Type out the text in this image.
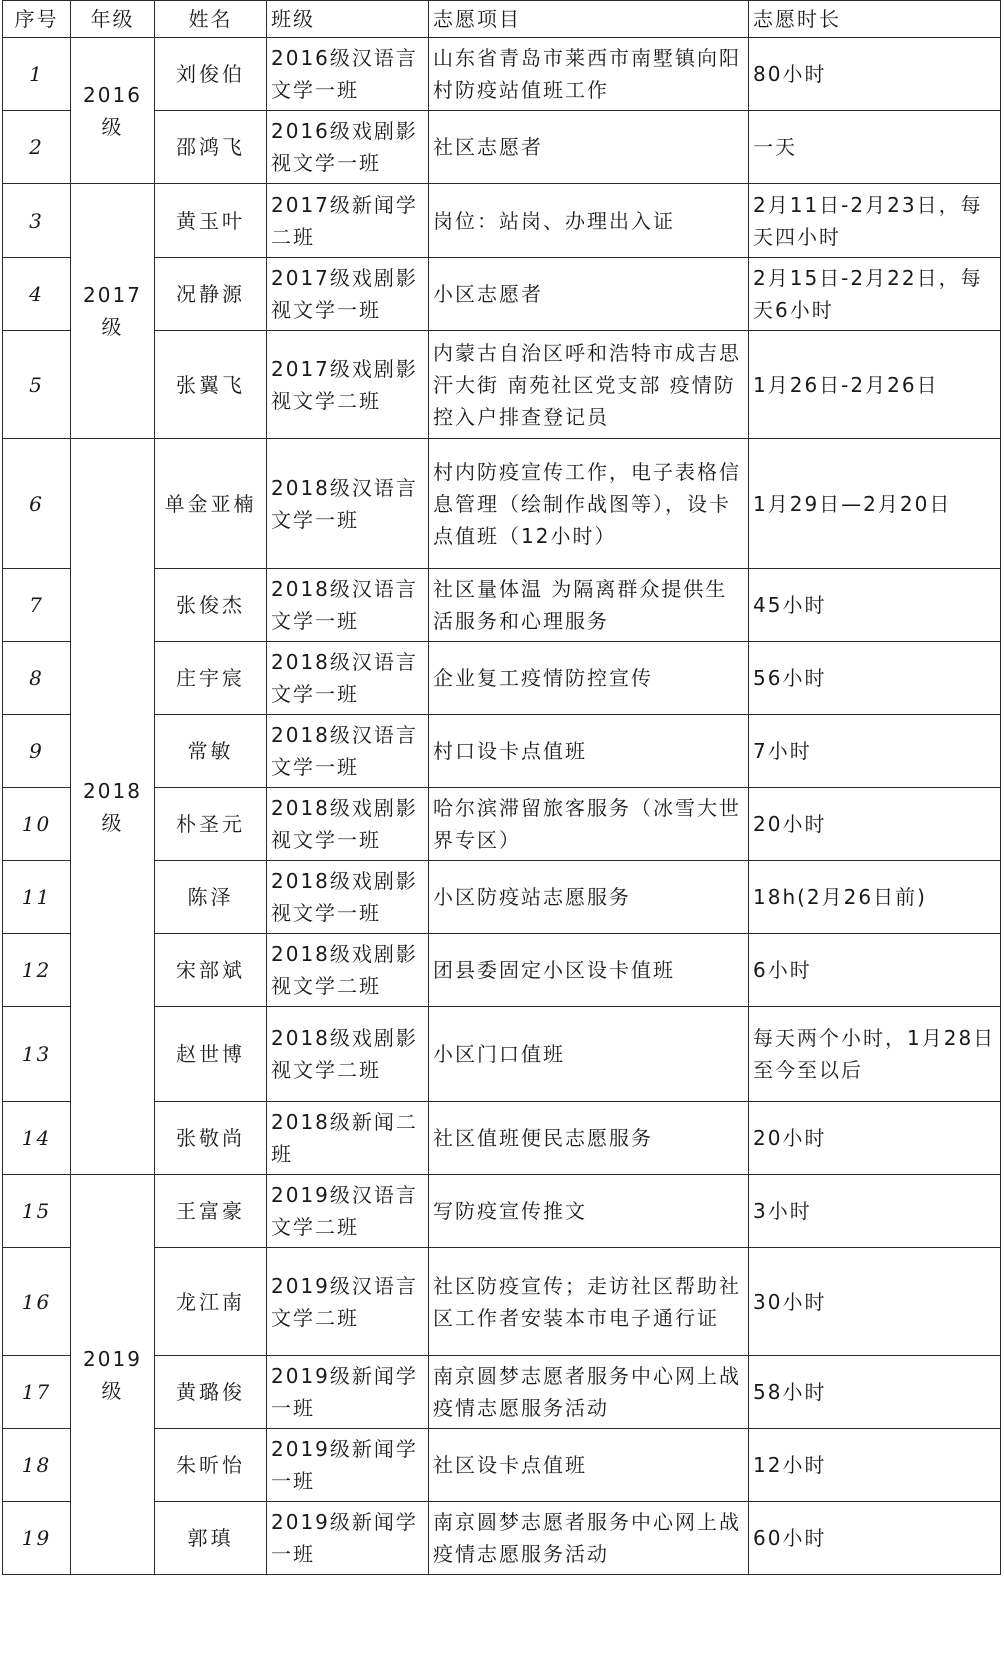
序号	年级	姓名	班级	志愿项目	志愿时长
1	2016级	刘俊伯	2016级汉语言文学一班	山东省青岛市莱西市南墅镇向阳村防疫站值班工作	80小时
2		邵鸿飞	2016级戏剧影视文学一班	社区志愿者	一天
3	2017级	黄玉叶	2017级新闻学二班	岗位：站岗、办理出入证	2月11日-2月23日，每天四小时
4		况静源	2017级戏剧影视文学一班	小区志愿者	2月15日-2月22日，每天6小时
5		张翼飞	2017级戏剧影视文学二班	内蒙古自治区呼和浩特市成吉思汗大街 南苑社区党支部 疫情防控入户排查登记员	1月26日-2月26日
6	2018级	单金亚楠	2018级汉语言文学一班	村内防疫宣传工作，电子表格信息管理（绘制作战图等），设卡点值班（12小时）	1月29日—2月20日
7		张俊杰	2018级汉语言文学一班	社区量体温 为隔离群众提供生活服务和心理服务	45小时
8		庄宇宸	2018级汉语言文学一班	企业复工疫情防控宣传	56小时
9		常敏	2018级汉语言文学一班	村口设卡点值班	7小时
10		朴圣元	2018级戏剧影视文学一班	哈尔滨滞留旅客服务（冰雪大世界专区）	20小时
11		陈泽	2018级戏剧影视文学一班	小区防疫站志愿服务	18h(2月26日前)
12		宋部斌	2018级戏剧影视文学二班	团县委固定小区设卡值班	6小时
13		赵世博	2018级戏剧影视文学二班	小区门口值班	每天两个小时，1月28日至今至以后
14		张敬尚	2018级新闻二班	社区值班便民志愿服务	20小时
15	2019级	王富豪	2019级汉语言文学二班	写防疫宣传推文	3小时
16		龙江南	2019级汉语言文学二班	社区防疫宣传；走访社区帮助社区工作者安装本市电子通行证	30小时
17		黄璐俊	2019级新闻学一班	南京圆梦志愿者服务中心网上战疫情志愿服务活动	58小时
18		朱昕怡	2019级新闻学一班	社区设卡点值班	12小时
19		郭瑱	2019级新闻学一班	南京圆梦志愿者服务中心网上战疫情志愿服务活动	60小时
